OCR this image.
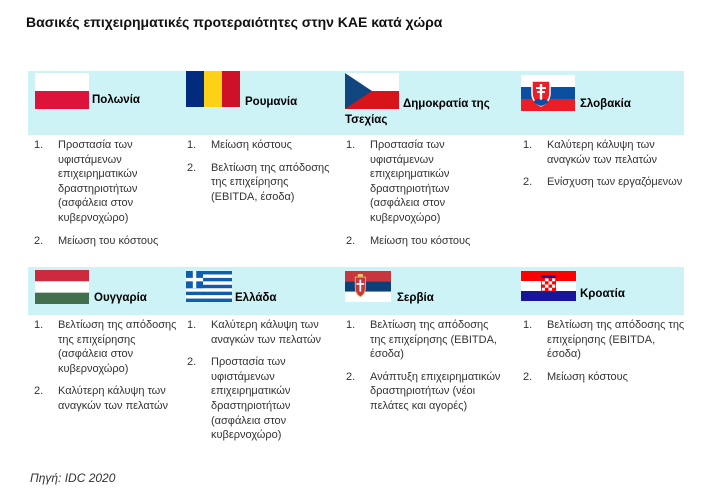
Βασικές επιχειρηματικές προτεραιότητες στην ΚΑΕ κατά χώρα
Πολωνία
1. Προστασία των υφιστάμενων επιχειρηματικών δραστηριοτήτων (ασφάλεια στον κυβερνοχώρο)
2. Μείωση του κόστους
Ρουμανία
1. Μείωση κόστους
2. Βελτίωση της απόδοσης της επιχείρησης (EBITDA, έσοδα)
Δημοκρατία της Τσεχίας
1. Προστασία των υφιστάμενων επιχειρηματικών δραστηριοτήτων (ασφάλεια στον κυβερνοχώρο)
2. Μείωση του κόστους
Σλοβακία
1. Καλύτερη κάλυψη των αναγκών των πελατών
2. Ενίσχυση των εργαζόμενων
Ουγγαρία
1. Βελτίωση της απόδοσης της επιχείρησης (ασφάλεια στον κυβερνοχώρο)
2. Καλύτερη κάλυψη των αναγκών των πελατών
Ελλάδα
1. Καλύτερη κάλυψη των αναγκών των πελατών
2. Προστασία των υφιστάμενων επιχειρηματικών δραστηριοτήτων (ασφάλεια στον κυβερνοχώρο)
Σερβία
1. Βελτίωση της απόδοσης της επιχείρησης (EBITDA, έσοδα)
2. Ανάπτυξη επιχειρηματικών δραστηριοτήτων (νέοι πελάτες και αγορές)
Κροατία
1. Βελτίωση της απόδοσης της επιχείρησης (EBITDA, έσοδα)
2. Μείωση κόστους
Πηγή: IDC 2020
